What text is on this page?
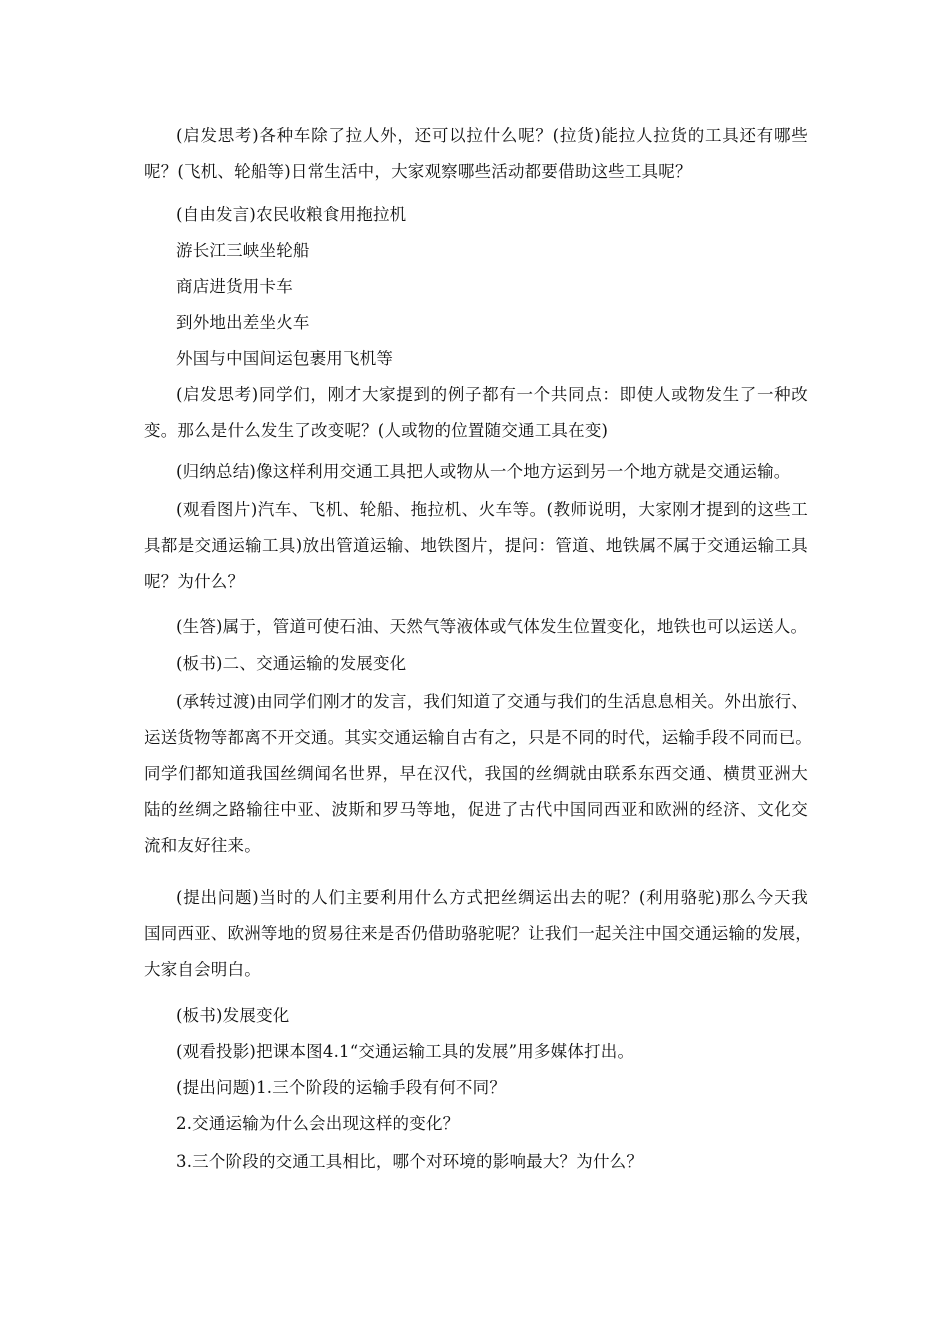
(启发思考)各种车除了拉人外，还可以拉什么呢？(拉货)能拉人拉货的工具还有哪些
呢？(飞机、轮船等)日常生活中，大家观察哪些活动都要借助这些工具呢？
(自由发言)农民收粮食用拖拉机
游长江三峡坐轮船
商店进货用卡车
到外地出差坐火车
外国与中国间运包裹用飞机等
(启发思考)同学们，刚才大家提到的例子都有一个共同点：即使人或物发生了一种改
变。那么是什么发生了改变呢？(人或物的位置随交通工具在变)
(归纳总结)像这样利用交通工具把人或物从一个地方运到另一个地方就是交通运输。
(观看图片)汽车、飞机、轮船、拖拉机、火车等。(教师说明，大家刚才提到的这些工
具都是交通运输工具)放出管道运输、地铁图片，提问：管道、地铁属不属于交通运输工具
呢？为什么？
(生答)属于，管道可使石油、天然气等液体或气体发生位置变化，地铁也可以运送人。
(板书)二、交通运输的发展变化
(承转过渡)由同学们刚才的发言，我们知道了交通与我们的生活息息相关。外出旅行、
运送货物等都离不开交通。其实交通运输自古有之，只是不同的时代，运输手段不同而已。
同学们都知道我国丝绸闻名世界，早在汉代，我国的丝绸就由联系东西交通、横贯亚洲大
陆的丝绸之路输往中亚、波斯和罗马等地，促进了古代中国同西亚和欧洲的经济、文化交
流和友好往来。
(提出问题)当时的人们主要利用什么方式把丝绸运出去的呢？(利用骆驼)那么今天我
国同西亚、欧洲等地的贸易往来是否仍借助骆驼呢？让我们一起关注中国交通运输的发展，
大家自会明白。
(板书)发展变化
(观看投影)把课本图4.1“交通运输工具的发展”用多媒体打出。
(提出问题)1.三个阶段的运输手段有何不同？
2.交通运输为什么会出现这样的变化？
3.三个阶段的交通工具相比，哪个对环境的影响最大？为什么？
